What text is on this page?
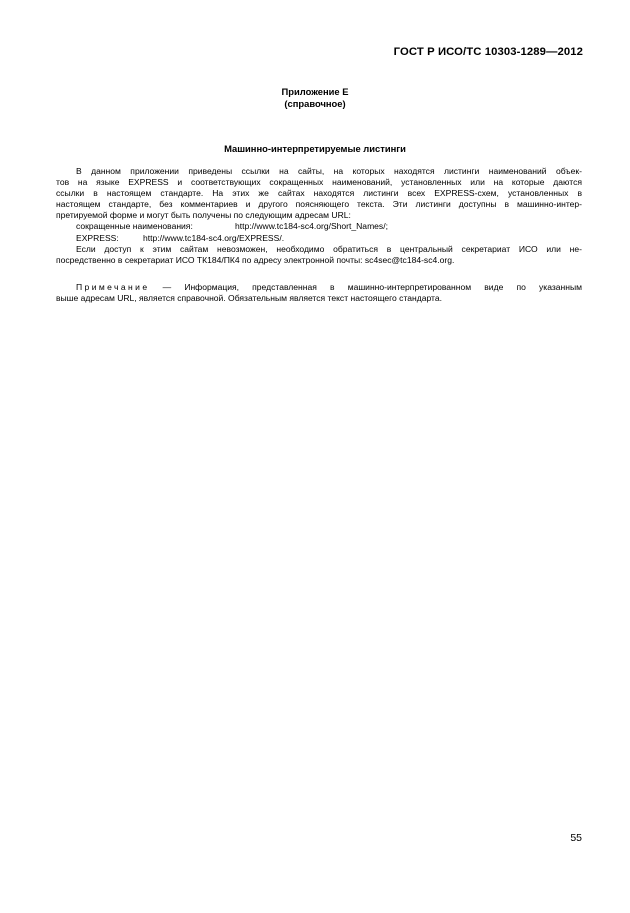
ГОСТ Р ИСО/ТС 10303-1289—2012
Приложение Е
(справочное)
Машинно-интерпретируемые листинги
В данном приложении приведены ссылки на сайты, на которых находятся листинги наименований объек-
тов на языке EXPRESS и соответствующих сокращенных наименований, установленных или на которые даются
ссылки в настоящем стандарте. На этих же сайтах находятся листинги всех EXPRESS-схем, установленных в
настоящем стандарте, без комментариев и другого поясняющего текста. Эти листинги доступны в машинно-интер-
претируемой форме и могут быть получены по следующим адресам URL:
сокращенные наименования:	http://www.tc184-sc4.org/Short_Names/;
EXPRESS:	http://www.tc184-sc4.org/EXPRESS/.
Если доступ к этим сайтам невозможен, необходимо обратиться в центральный секретариат ИСО или не-
посредственно в секретариат ИСО ТК184/ПК4 по адресу электронной почты: sc4sec@tc184-sc4.org.
Примечание — Информация, представленная в машинно-интерпретированном виде по указанным
выше адресам URL, является справочной. Обязательным является текст настоящего стандарта.
55
